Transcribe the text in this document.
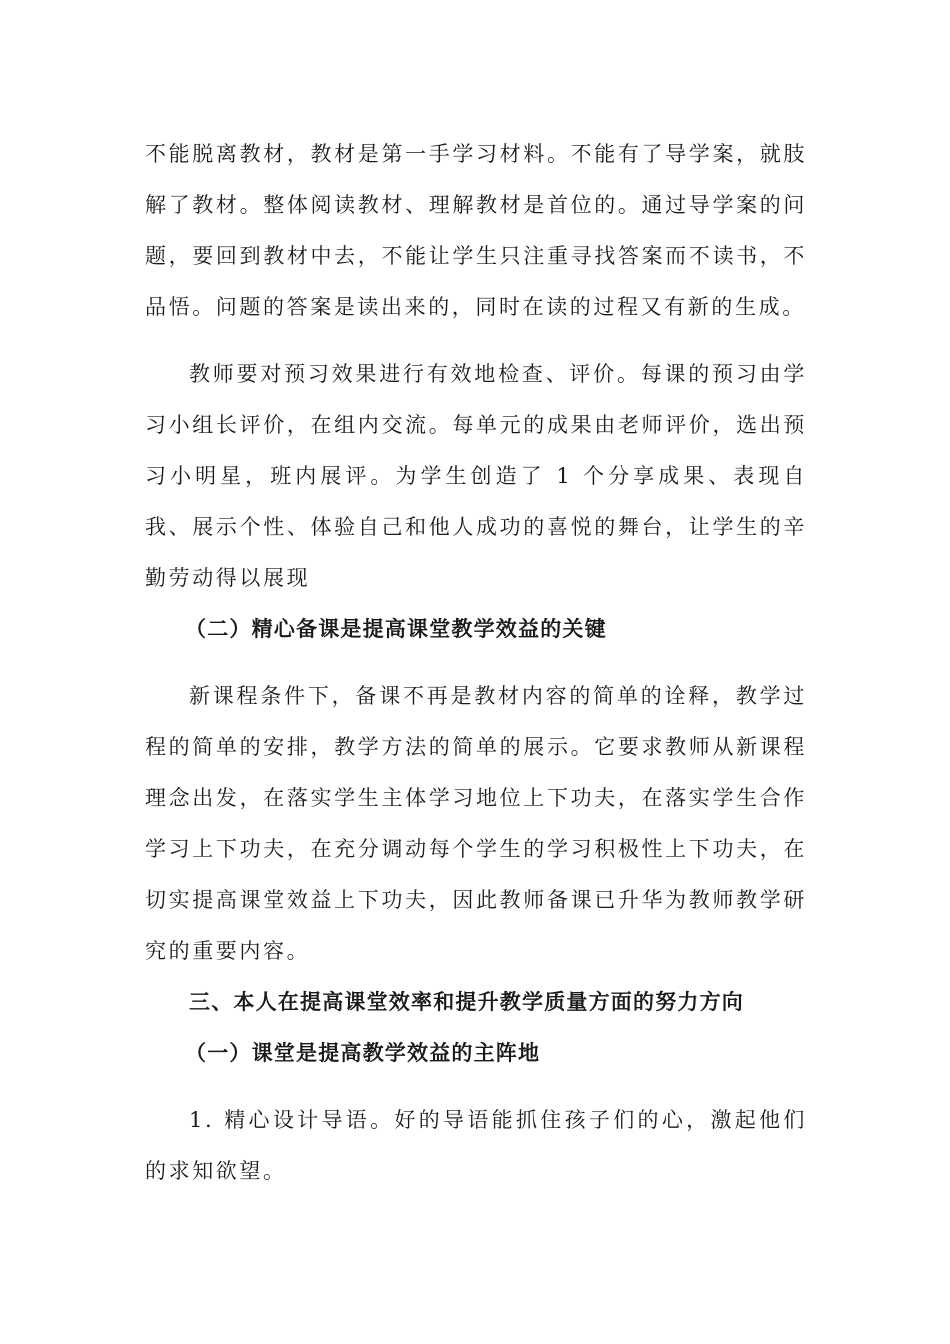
不能脱离教材，教材是第一手学习材料。不能有了导学案，就肢解了教材。整体阅读教材、理解教材是首位的。通过导学案的问题，要回到教材中去，不能让学生只注重寻找答案而不读书，不品悟。问题的答案是读出来的，同时在读的过程又有新的生成。

教师要对预习效果进行有效地检查、评价。每课的预习由学习小组长评价，在组内交流。每单元的成果由老师评价，选出预习小明星，班内展评。为学生创造了 1 个分享成果、表现自我、展示个性、体验自己和他人成功的喜悦的舞台，让学生的辛勤劳动得以展现

（二）精心备课是提高课堂教学效益的关键

新课程条件下，备课不再是教材内容的简单的诠释，教学过程的简单的安排，教学方法的简单的展示。它要求教师从新课程理念出发，在落实学生主体学习地位上下功夫，在落实学生合作学习上下功夫，在充分调动每个学生的学习积极性上下功夫，在切实提高课堂效益上下功夫，因此教师备课已升华为教师教学研究的重要内容。

三、本人在提高课堂效率和提升教学质量方面的努力方向

（一）课堂是提高教学效益的主阵地

1. 精心设计导语。好的导语能抓住孩子们的心，激起他们的求知欲望。
